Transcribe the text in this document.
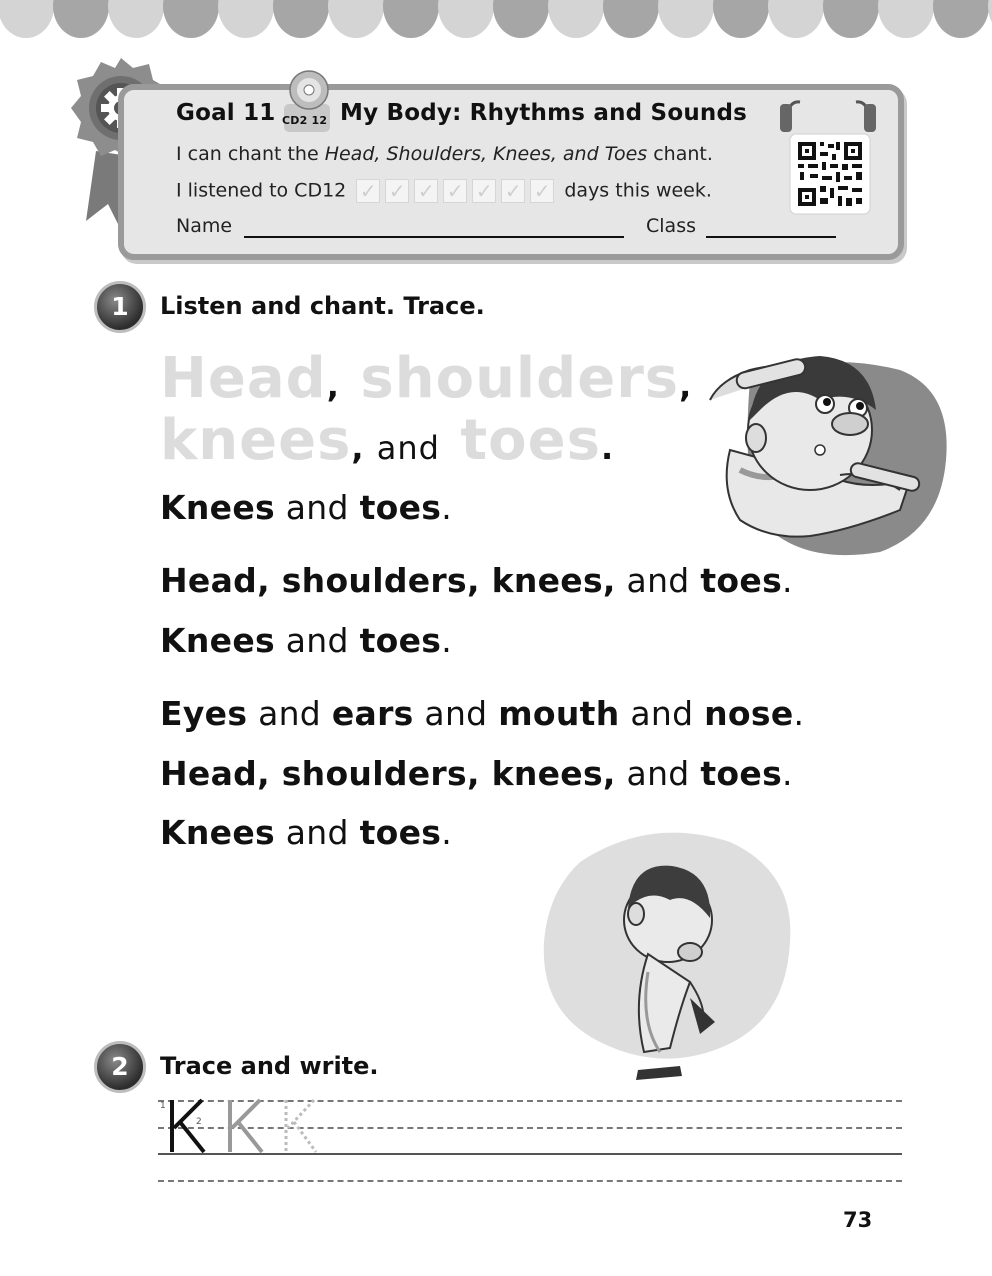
Goal 11 CD2 12 My Body: Rhythms and Sounds
I can chant the Head, Shoulders, Knees, and Toes chant.
I listened to CD12 ✓ ✓ ✓ ✓ ✓ ✓ ✓ days this week.
Name	Class
1	Listen and chant. Trace.
Head, shoulders,
knees, and toes.
Knees and toes.
Head, shoulders, knees, and toes.
Knees and toes.
Eyes and ears and mouth and nose.
Head, shoulders, knees, and toes.
Knees and toes.
2	Trace and write.
1
2
73
